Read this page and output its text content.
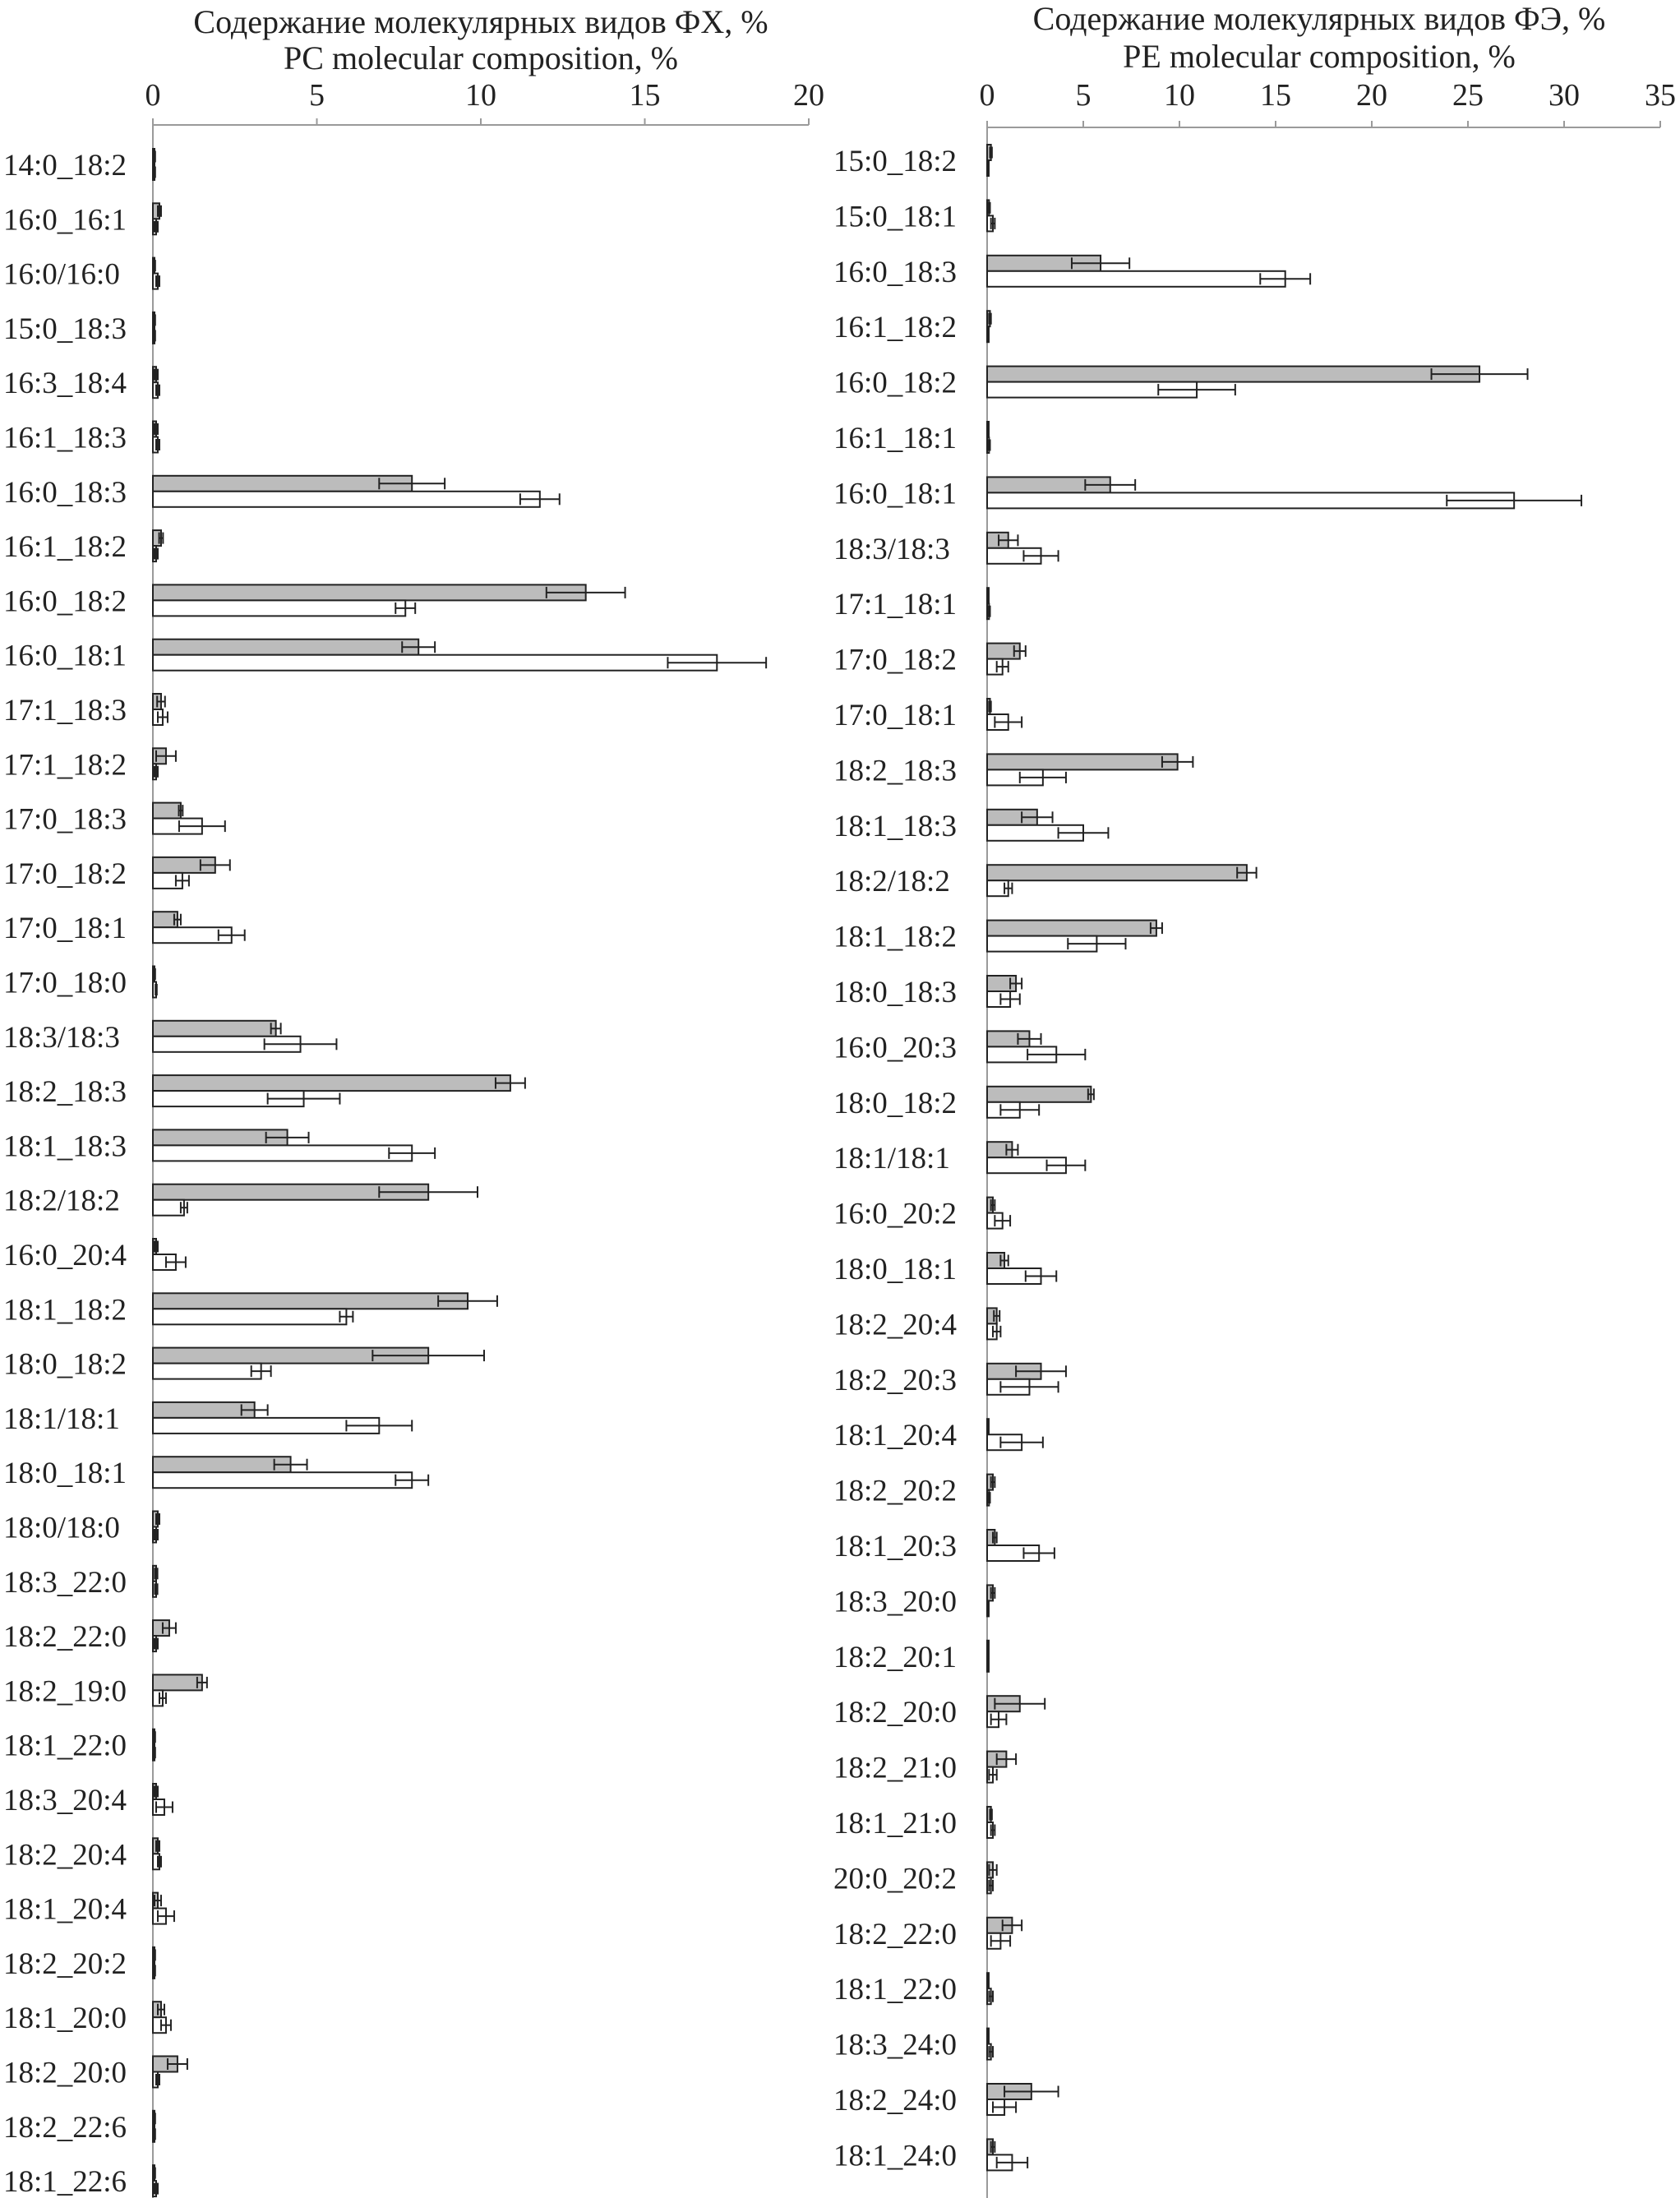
Содержание молекулярных видов ФХ, %
PC molecular composition, %
0	5	10	15	20
14:0_18:2
16:0_16:1
16:0/16:0
15:0_18:3
16:3_18:4
16:1_18:3
16:0_18:3
16:1_18:2
16:0_18:2
16:0_18:1
17:1_18:3
17:1_18:2
17:0_18:3
17:0_18:2
17:0_18:1
17:0_18:0
18:3/18:3
18:2_18:3
18:1_18:3
18:2/18:2
16:0_20:4
18:1_18:2
18:0_18:2
18:1/18:1
18:0_18:1
18:0/18:0
18:3_22:0
18:2_22:0
18:2_19:0
18:1_22:0
18:3_20:4
18:2_20:4
18:1_20:4
18:2_20:2
18:1_20:0
18:2_20:0
18:2_22:6
18:1_22:6
Содержание молекулярных видов ФЭ, %
PE molecular composition, %
0	5 10 15 20 25 30 35
15:0_18:2
15:0_18:1
16:0_18:3
16:1_18:2
16:0_18:2
16:1_18:1
16:0_18:1
18:3/18:3
17:1_18:1
17:0_18:2
17:0_18:1
18:2_18:3
18:1_18:3
18:2/18:2
18:1_18:2
18:0_18:3
16:0_20:3
18:0_18:2
18:1/18:1
16:0_20:2
18:0_18:1
18:2_20:4
18:2_20:3
18:1_20:4
18:2_20:2
18:1_20:3
18:3_20:0
18:2_20:1
18:2_20:0
18:2_21:0
18:1_21:0
20:0_20:2
18:2_22:0
18:1_22:0
18:3_24:0
18:2_24:0
18:1_24:0
